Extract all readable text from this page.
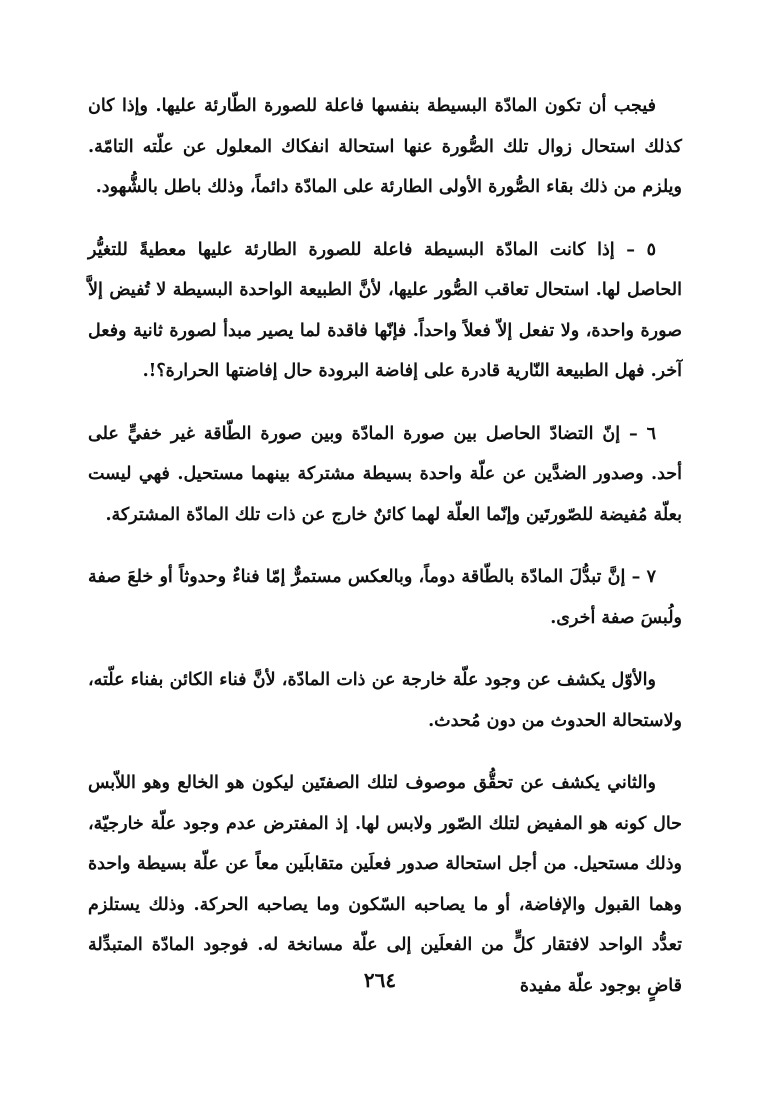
فيجب أن تكون المادّة البسيطة بنفسها فاعلة للصورة الطّارئة عليها. وإذا كان كذلك استحال زوال تلك الصُّورة عنها استحالة انفكاك المعلول عن علّته التامّة. ويلزم من ذلك بقاء الصُّورة الأولى الطارئة على المادّة دائماً، وذلك باطل بالشُّهود.

٥ – إذا كانت المادّة البسيطة فاعلة للصورة الطارئة عليها معطيةً للتغيُّر الحاصل لها. استحال تعاقب الصُّور عليها، لأنَّ الطبيعة الواحدة البسيطة لا تُفيض إلاَّ صورة واحدة، ولا تفعل إلاّ فعلاً واحداً. فإنّها فاقدة لما يصير مبدأ لصورة ثانية وفعل آخر. فهل الطبيعة النّارية قادرة على إفاضة البرودة حال إفاضتها الحرارة؟!.

٦ – إنّ التضادّ الحاصل بين صورة المادّة وبين صورة الطّاقة غير خفيٍّ على أحد. وصدور الضدَّين عن علّة واحدة بسيطة مشتركة بينهما مستحيل. فهي ليست بعلّة مُفيضة للصّورتَين وإنّما العلّة لهما كائنٌ خارج عن ذات تلك المادّة المشتركة.

٧ – إنَّ تبدُّلَ المادّة بالطّاقة دوماً، وبالعكس مستمرٌّ إمّا فناءٌ وحدوثاً أو خلعَ صفة ولُبسَ صفة أخرى.

والأوّل يكشف عن وجود علّة خارجة عن ذات المادّة، لأنَّ فناء الكائن بفناء علّته، ولاستحالة الحدوث من دون مُحدث.

والثاني يكشف عن تحقُّق موصوف لتلك الصفتَين ليكون هو الخالع وهو اللاّبس حال كونه هو المفيض لتلك الصّور ولابس لها. إذ المفترض عدم وجود علّة خارجيّة، وذلك مستحيل. من أجل استحالة صدور فعلَين متقابلَين معاً عن علّة بسيطة واحدة وهما القبول والإفاضة، أو ما يصاحبه السّكون وما يصاحبه الحركة. وذلك يستلزم تعدُّد الواحد لافتقار كلٍّ من الفعلَين إلى علّة مسانخة له. فوجود المادّة المتبدِّلة قاضٍ بوجود علّة مفيدة

٢٦٤
